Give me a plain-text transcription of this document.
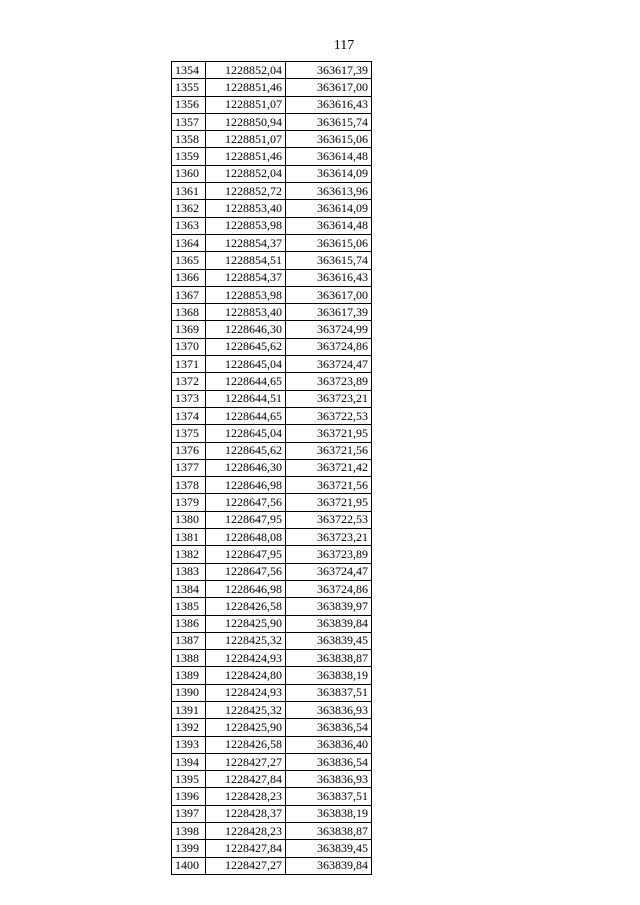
117
1354	1228852,04	363617,39
1355	1228851,46	363617,00
1356	1228851,07	363616,43
1357	1228850,94	363615,74
1358	1228851,07	363615,06
1359	1228851,46	363614,48
1360	1228852,04	363614,09
1361	1228852,72	363613,96
1362	1228853,40	363614,09
1363	1228853,98	363614,48
1364	1228854,37	363615,06
1365	1228854,51	363615,74
1366	1228854,37	363616,43
1367	1228853,98	363617,00
1368	1228853,40	363617,39
1369	1228646,30	363724,99
1370	1228645,62	363724,86
1371	1228645,04	363724,47
1372	1228644,65	363723,89
1373	1228644,51	363723,21
1374	1228644,65	363722,53
1375	1228645,04	363721,95
1376	1228645,62	363721,56
1377	1228646,30	363721,42
1378	1228646,98	363721,56
1379	1228647,56	363721,95
1380	1228647,95	363722,53
1381	1228648,08	363723,21
1382	1228647,95	363723,89
1383	1228647,56	363724,47
1384	1228646,98	363724,86
1385	1228426,58	363839,97
1386	1228425,90	363839,84
1387	1228425,32	363839,45
1388	1228424,93	363838,87
1389	1228424,80	363838,19
1390	1228424,93	363837,51
1391	1228425,32	363836,93
1392	1228425,90	363836,54
1393	1228426,58	363836,40
1394	1228427,27	363836,54
1395	1228427,84	363836,93
1396	1228428,23	363837,51
1397	1228428,37	363838,19
1398	1228428,23	363838,87
1399	1228427,84	363839,45
1400	1228427,27	363839,84
